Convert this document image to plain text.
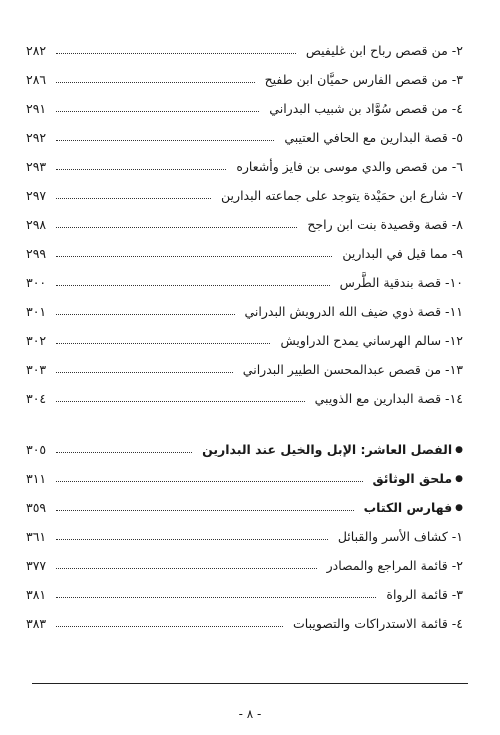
٢- من قصص رباح ابن غليفيص
٢٨٢
٣- من قصص الفارس حميَّان ابن طفيح
٢٨٦
٤- من قصص سُوَّاد بن شبيب البدراني
٢٩١
٥- قصة البدارين مع الحافي العتيبي
٢٩٢
٦- من قصص والدي موسى بن فايز وأشعاره
٢٩٣
٧- شارع ابن حمَيْدة يتوجد على جماعته البدارين
٢٩٧
٨- قصة وقصيدة بنت ابن راجح
٢٩٨
٩- مما قيل في البدارين
٢٩٩
١٠- قصة بندقية الطَّرس
٣٠٠
١١- قصة ذوي ضيف الله الدرويش البدراني
٣٠١
١٢- سالم الهرساني يمدح الدراويش
٣٠٢
١٣- من قصص عبدالمحسن الطيير البدراني
٣٠٣
١٤- قصة البدارين مع الذويبي
٣٠٤
●
الفصل العاشر: الإبل والخيل عند البدارين
٣٠٥
●
ملحق الوثائق
٣١١
●
فهارس الكتاب
٣٥٩
١- كشاف الأسر والقبائل
٣٦١
٢- قائمة المراجع والمصادر
٣٧٧
٣- قائمة الرواة
٣٨١
٤- قائمة الاستدراكات والتصويبات
٣٨٣
- ٨ -
